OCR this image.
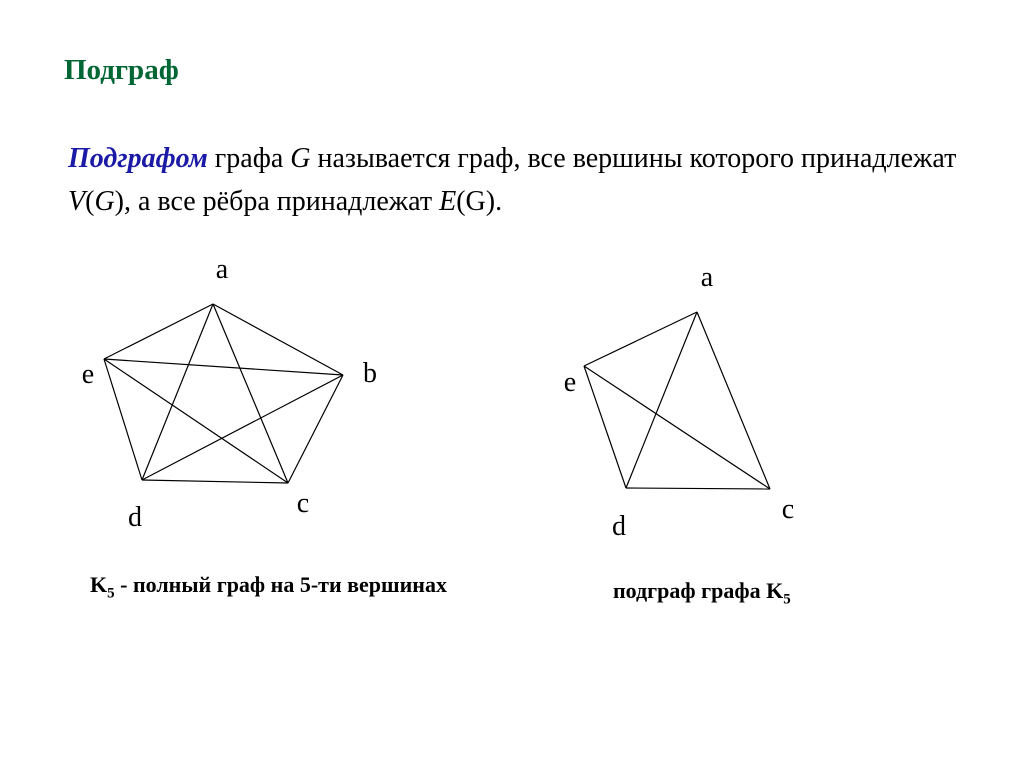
Подграф
Подграфом графа G называется граф, все вершины которого принадлежат V(G), а все рёбра принадлежат E(G).
a
b
c
d
e
a
c
d
e
$K_5$ - полный граф на 5-ти вершинах	подграф графа $K_5$
